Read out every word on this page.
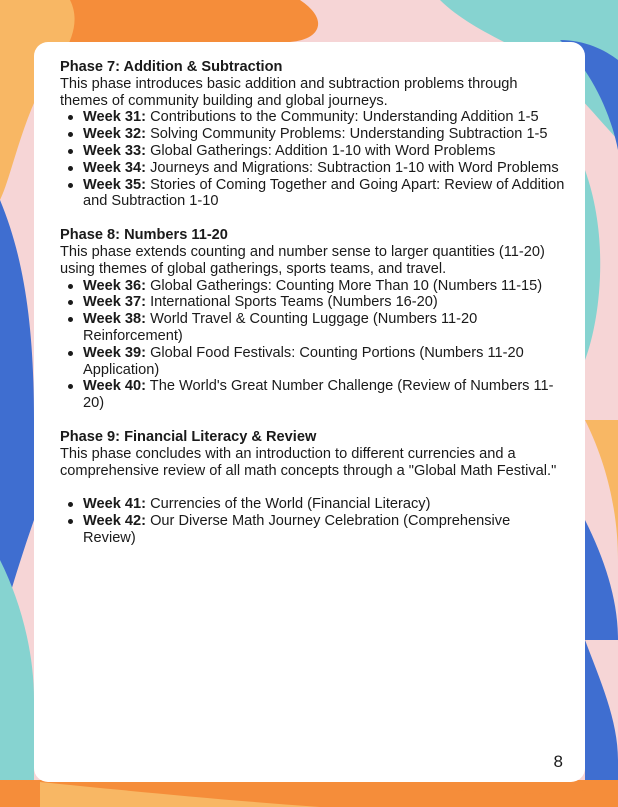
Phase 7: Addition & Subtraction

This phase introduces basic addition and subtraction problems through themes of community building and global journeys.

Week 31: Contributions to the Community: Understanding Addition 1-5
Week 32: Solving Community Problems: Understanding Subtraction 1-5
Week 33: Global Gatherings: Addition 1-10 with Word Problems
Week 34: Journeys and Migrations: Subtraction 1-10 with Word Problems
Week 35: Stories of Coming Together and Going Apart: Review of Addition and Subtraction 1-10

Phase 8: Numbers 11-20

This phase extends counting and number sense to larger quantities (11-20) using themes of global gatherings, sports teams, and travel.

Week 36: Global Gatherings: Counting More Than 10 (Numbers 11-15)
Week 37: International Sports Teams (Numbers 16-20)
Week 38: World Travel & Counting Luggage (Numbers 11-20 Reinforcement)
Week 39: Global Food Festivals: Counting Portions (Numbers 11-20 Application)
Week 40: The World's Great Number Challenge (Review of Numbers 11-20)

Phase 9: Financial Literacy & Review

This phase concludes with an introduction to different currencies and a comprehensive review of all math concepts through a "Global Math Festival."

Week 41: Currencies of the World (Financial Literacy)
Week 42: Our Diverse Math Journey Celebration (Comprehensive Review)
8
